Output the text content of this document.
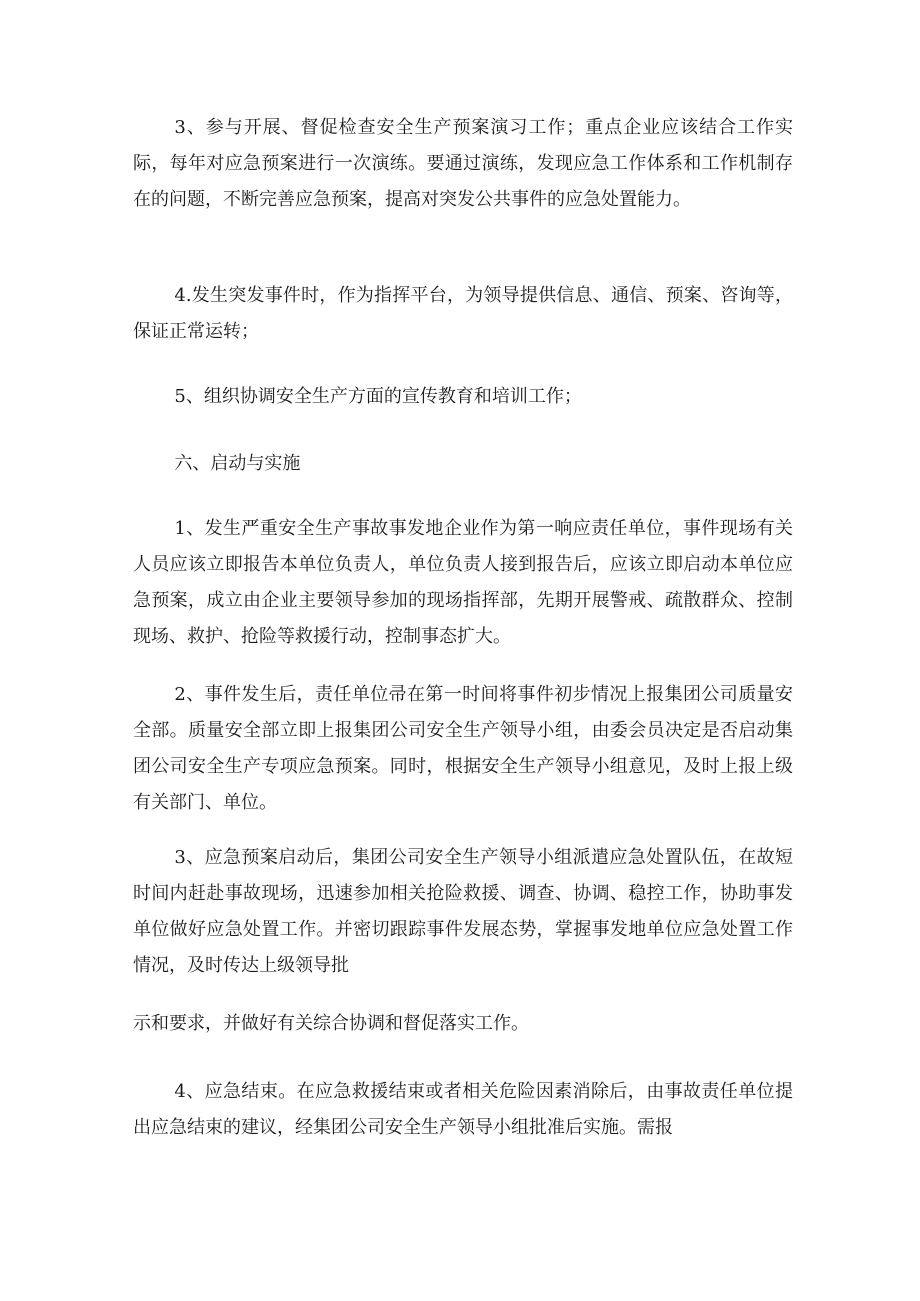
3、参与开展、督促检查安全生产预案演习工作；重点企业应该结合工作实际，每年对应急预案进行一次演练。要通过演练，发现应急工作体系和工作机制存在的问题，不断完善应急预案，提高对突发公共事件的应急处置能力。

4.发生突发事件时，作为指挥平台，为领导提供信息、通信、预案、咨询等，保证正常运转；

5、组织协调安全生产方面的宣传教育和培训工作；

六、启动与实施

1、发生严重安全生产事故事发地企业作为第一响应责任单位，事件现场有关人员应该立即报告本单位负责人，单位负责人接到报告后，应该立即启动本单位应急预案，成立由企业主要领导参加的现场指挥部，先期开展警戒、疏散群众、控制现场、救护、抢险等救援行动，控制事态扩大。

2、事件发生后，责任单位帚在第一时间将事件初步情况上报集团公司质量安全部。质量安全部立即上报集团公司安全生产领导小组，由委会员决定是否启动集团公司安全生产专项应急预案。同时，根据安全生产领导小组意见，及时上报上级有关部门、单位。

3、应急预案启动后，集团公司安全生产领导小组派遣应急处置队伍，在故短时间内赶赴事故现场，迅速参加相关抢险救援、调查、协调、稳控工作，协助事发单位做好应急处置工作。并密切跟踪事件发展态势，掌握事发地单位应急处置工作情况，及时传达上级领导批

示和要求，并做好有关综合协调和督促落实工作。

4、应急结束。在应急救援结束或者相关危险因素消除后，由事故责任单位提出应急结束的建议，经集团公司安全生产领导小组批准后实施。需报
